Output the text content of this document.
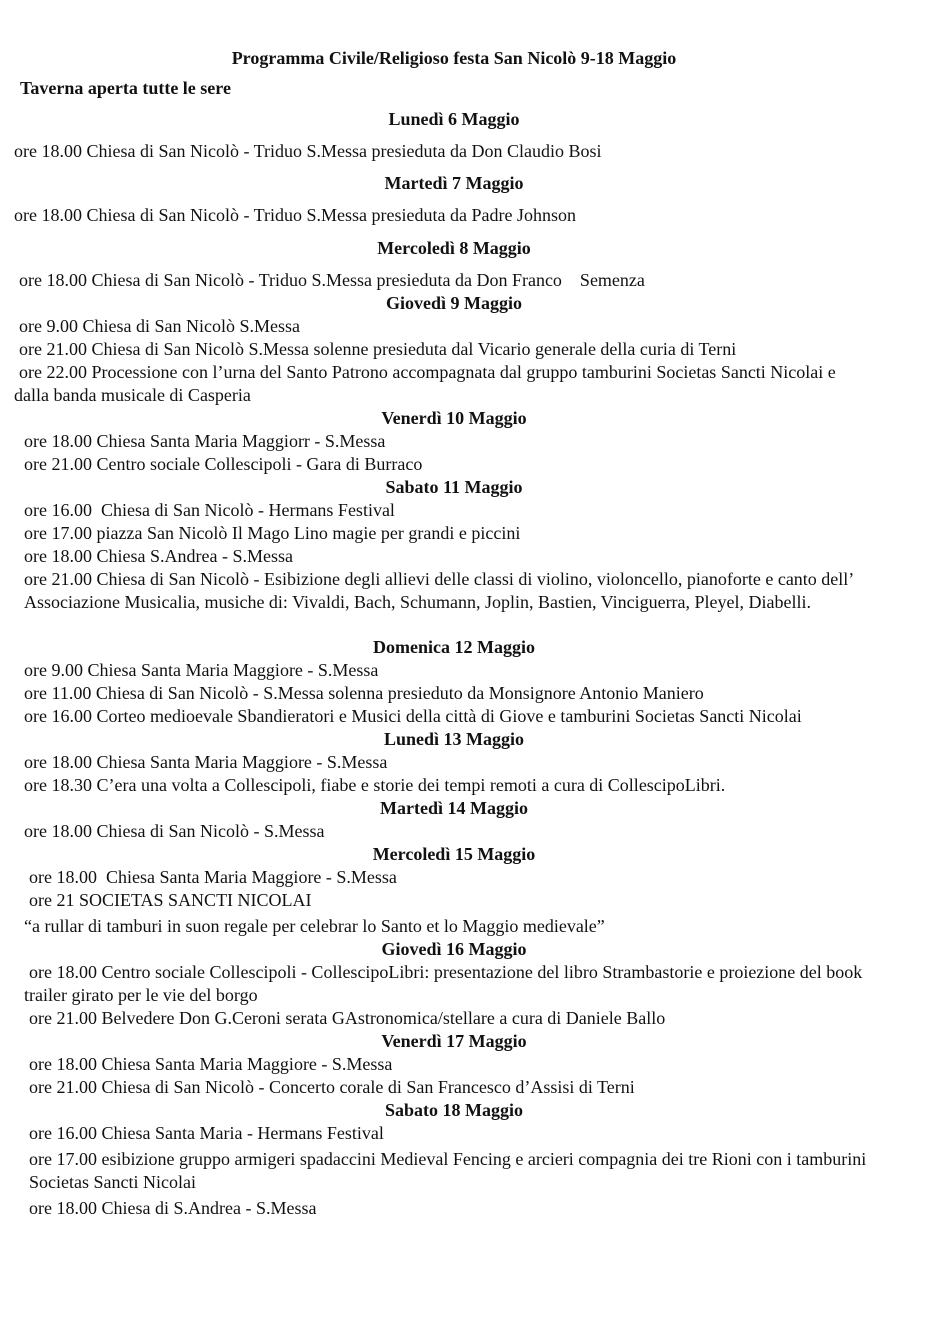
Programma Civile/Religioso festa San Nicolò 9-18 Maggio
Taverna aperta tutte le sere
Lunedì 6 Maggio
ore 18.00 Chiesa di San Nicolò - Triduo S.Messa presieduta da Don Claudio Bosi
Martedì 7 Maggio
ore 18.00 Chiesa di San Nicolò - Triduo S.Messa presieduta da Padre Johnson
Mercoledì 8 Maggio
ore 18.00 Chiesa di San Nicolò - Triduo S.Messa presieduta da Don Franco    Semenza
Giovedì 9 Maggio
ore 9.00 Chiesa di San Nicolò S.Messa
ore 21.00 Chiesa di San Nicolò S.Messa solenne presieduta dal Vicario generale della curia di Terni
ore 22.00 Processione con l’urna del Santo Patrono accompagnata dal gruppo tamburini Societas Sancti Nicolai e dalla banda musicale di Casperia
Venerdì 10 Maggio
ore 18.00 Chiesa Santa Maria Maggiorr - S.Messa
ore 21.00 Centro sociale Collescipoli - Gara di Burraco
Sabato 11 Maggio
ore 16.00  Chiesa di San Nicolò - Hermans Festival
ore 17.00 piazza San Nicolò Il Mago Lino magie per grandi e piccini
ore 18.00 Chiesa S.Andrea - S.Messa
ore 21.00 Chiesa di San Nicolò - Esibizione degli allievi delle classi di violino, violoncello, pianoforte e canto dell’ Associazione Musicalia, musiche di: Vivaldi, Bach, Schumann, Joplin, Bastien, Vinciguerra, Pleyel, Diabelli.
Domenica 12 Maggio
ore 9.00 Chiesa Santa Maria Maggiore - S.Messa
ore 11.00 Chiesa di San Nicolò - S.Messa solenna presieduto da Monsignore Antonio Maniero
ore 16.00 Corteo medioevale Sbandieratori e Musici della città di Giove e tamburini Societas Sancti Nicolai
Lunedì 13 Maggio
ore 18.00 Chiesa Santa Maria Maggiore - S.Messa
ore 18.30 C’era una volta a Collescipoli, fiabe e storie dei tempi remoti a cura di CollescipoLibri.
Martedì 14 Maggio
ore 18.00 Chiesa di San Nicolò - S.Messa
Mercoledì 15 Maggio
ore 18.00  Chiesa Santa Maria Maggiore - S.Messa
ore 21 SOCIETAS SANCTI NICOLAI
“a rullar di tamburi in suon regale per celebrar lo Santo et lo Maggio medievale”
Giovedì 16 Maggio
ore 18.00 Centro sociale Collescipoli - CollescipoLibri: presentazione del libro Strambastorie e proiezione del book trailer girato per le vie del borgo
ore 21.00 Belvedere Don G.Ceroni serata GAstronomica/stellare a cura di Daniele Ballo
Venerdì 17 Maggio
ore 18.00 Chiesa Santa Maria Maggiore - S.Messa
ore 21.00 Chiesa di San Nicolò - Concerto corale di San Francesco d’Assisi di Terni
Sabato 18 Maggio
ore 16.00 Chiesa Santa Maria - Hermans Festival
ore 17.00 esibizione gruppo armigeri spadaccini Medieval Fencing e arcieri compagnia dei tre Rioni con i tamburini Societas Sancti Nicolai
ore 18.00 Chiesa di S.Andrea - S.Messa
